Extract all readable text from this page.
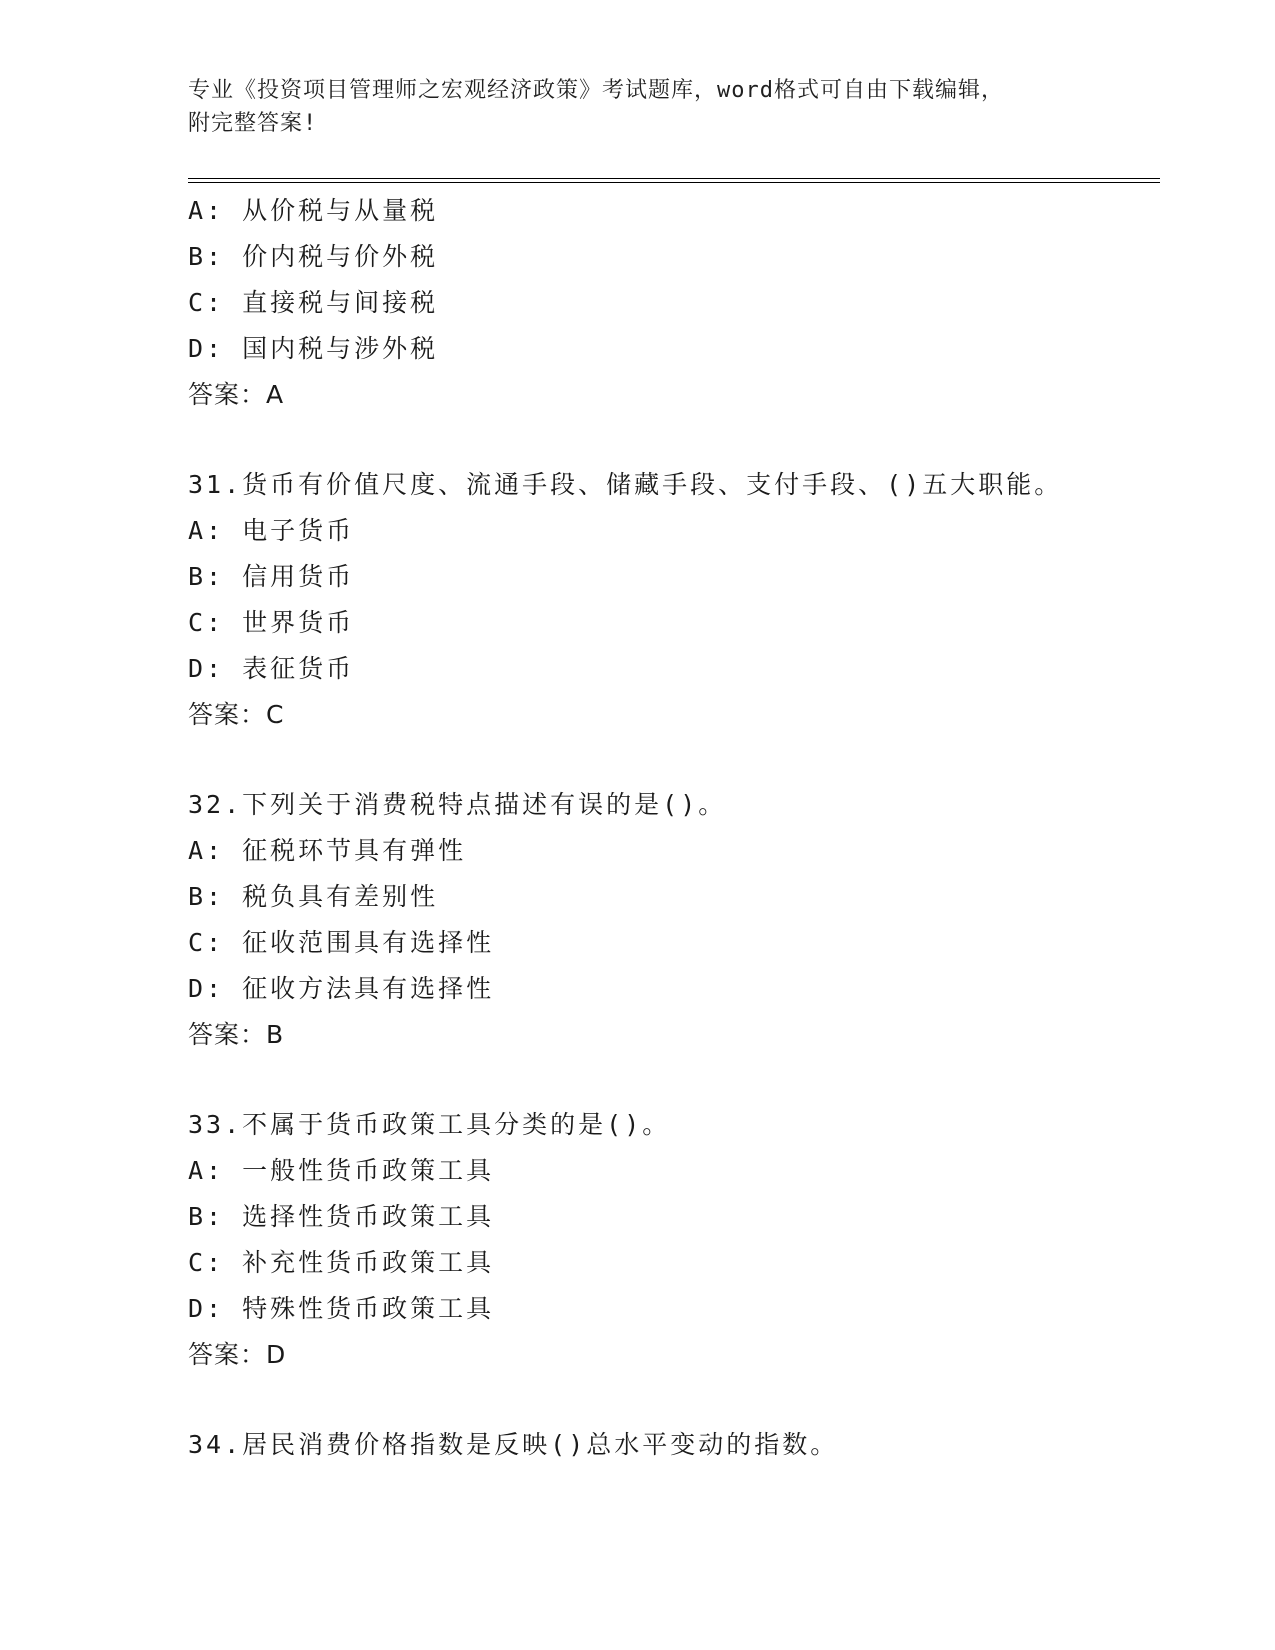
专业《投资项目管理师之宏观经济政策》考试题库，word格式可自由下载编辑，
附完整答案!
A: 从价税与从量税
B: 价内税与价外税
C: 直接税与间接税
D: 国内税与涉外税
答案：A
31.货币有价值尺度、流通手段、储藏手段、支付手段、()五大职能。
A: 电子货币
B: 信用货币
C: 世界货币
D: 表征货币
答案：C
32.下列关于消费税特点描述有误的是()。
A: 征税环节具有弹性
B: 税负具有差别性
C: 征收范围具有选择性
D: 征收方法具有选择性
答案：B
33.不属于货币政策工具分类的是()。
A: 一般性货币政策工具
B: 选择性货币政策工具
C: 补充性货币政策工具
D: 特殊性货币政策工具
答案：D
34.居民消费价格指数是反映()总水平变动的指数。
